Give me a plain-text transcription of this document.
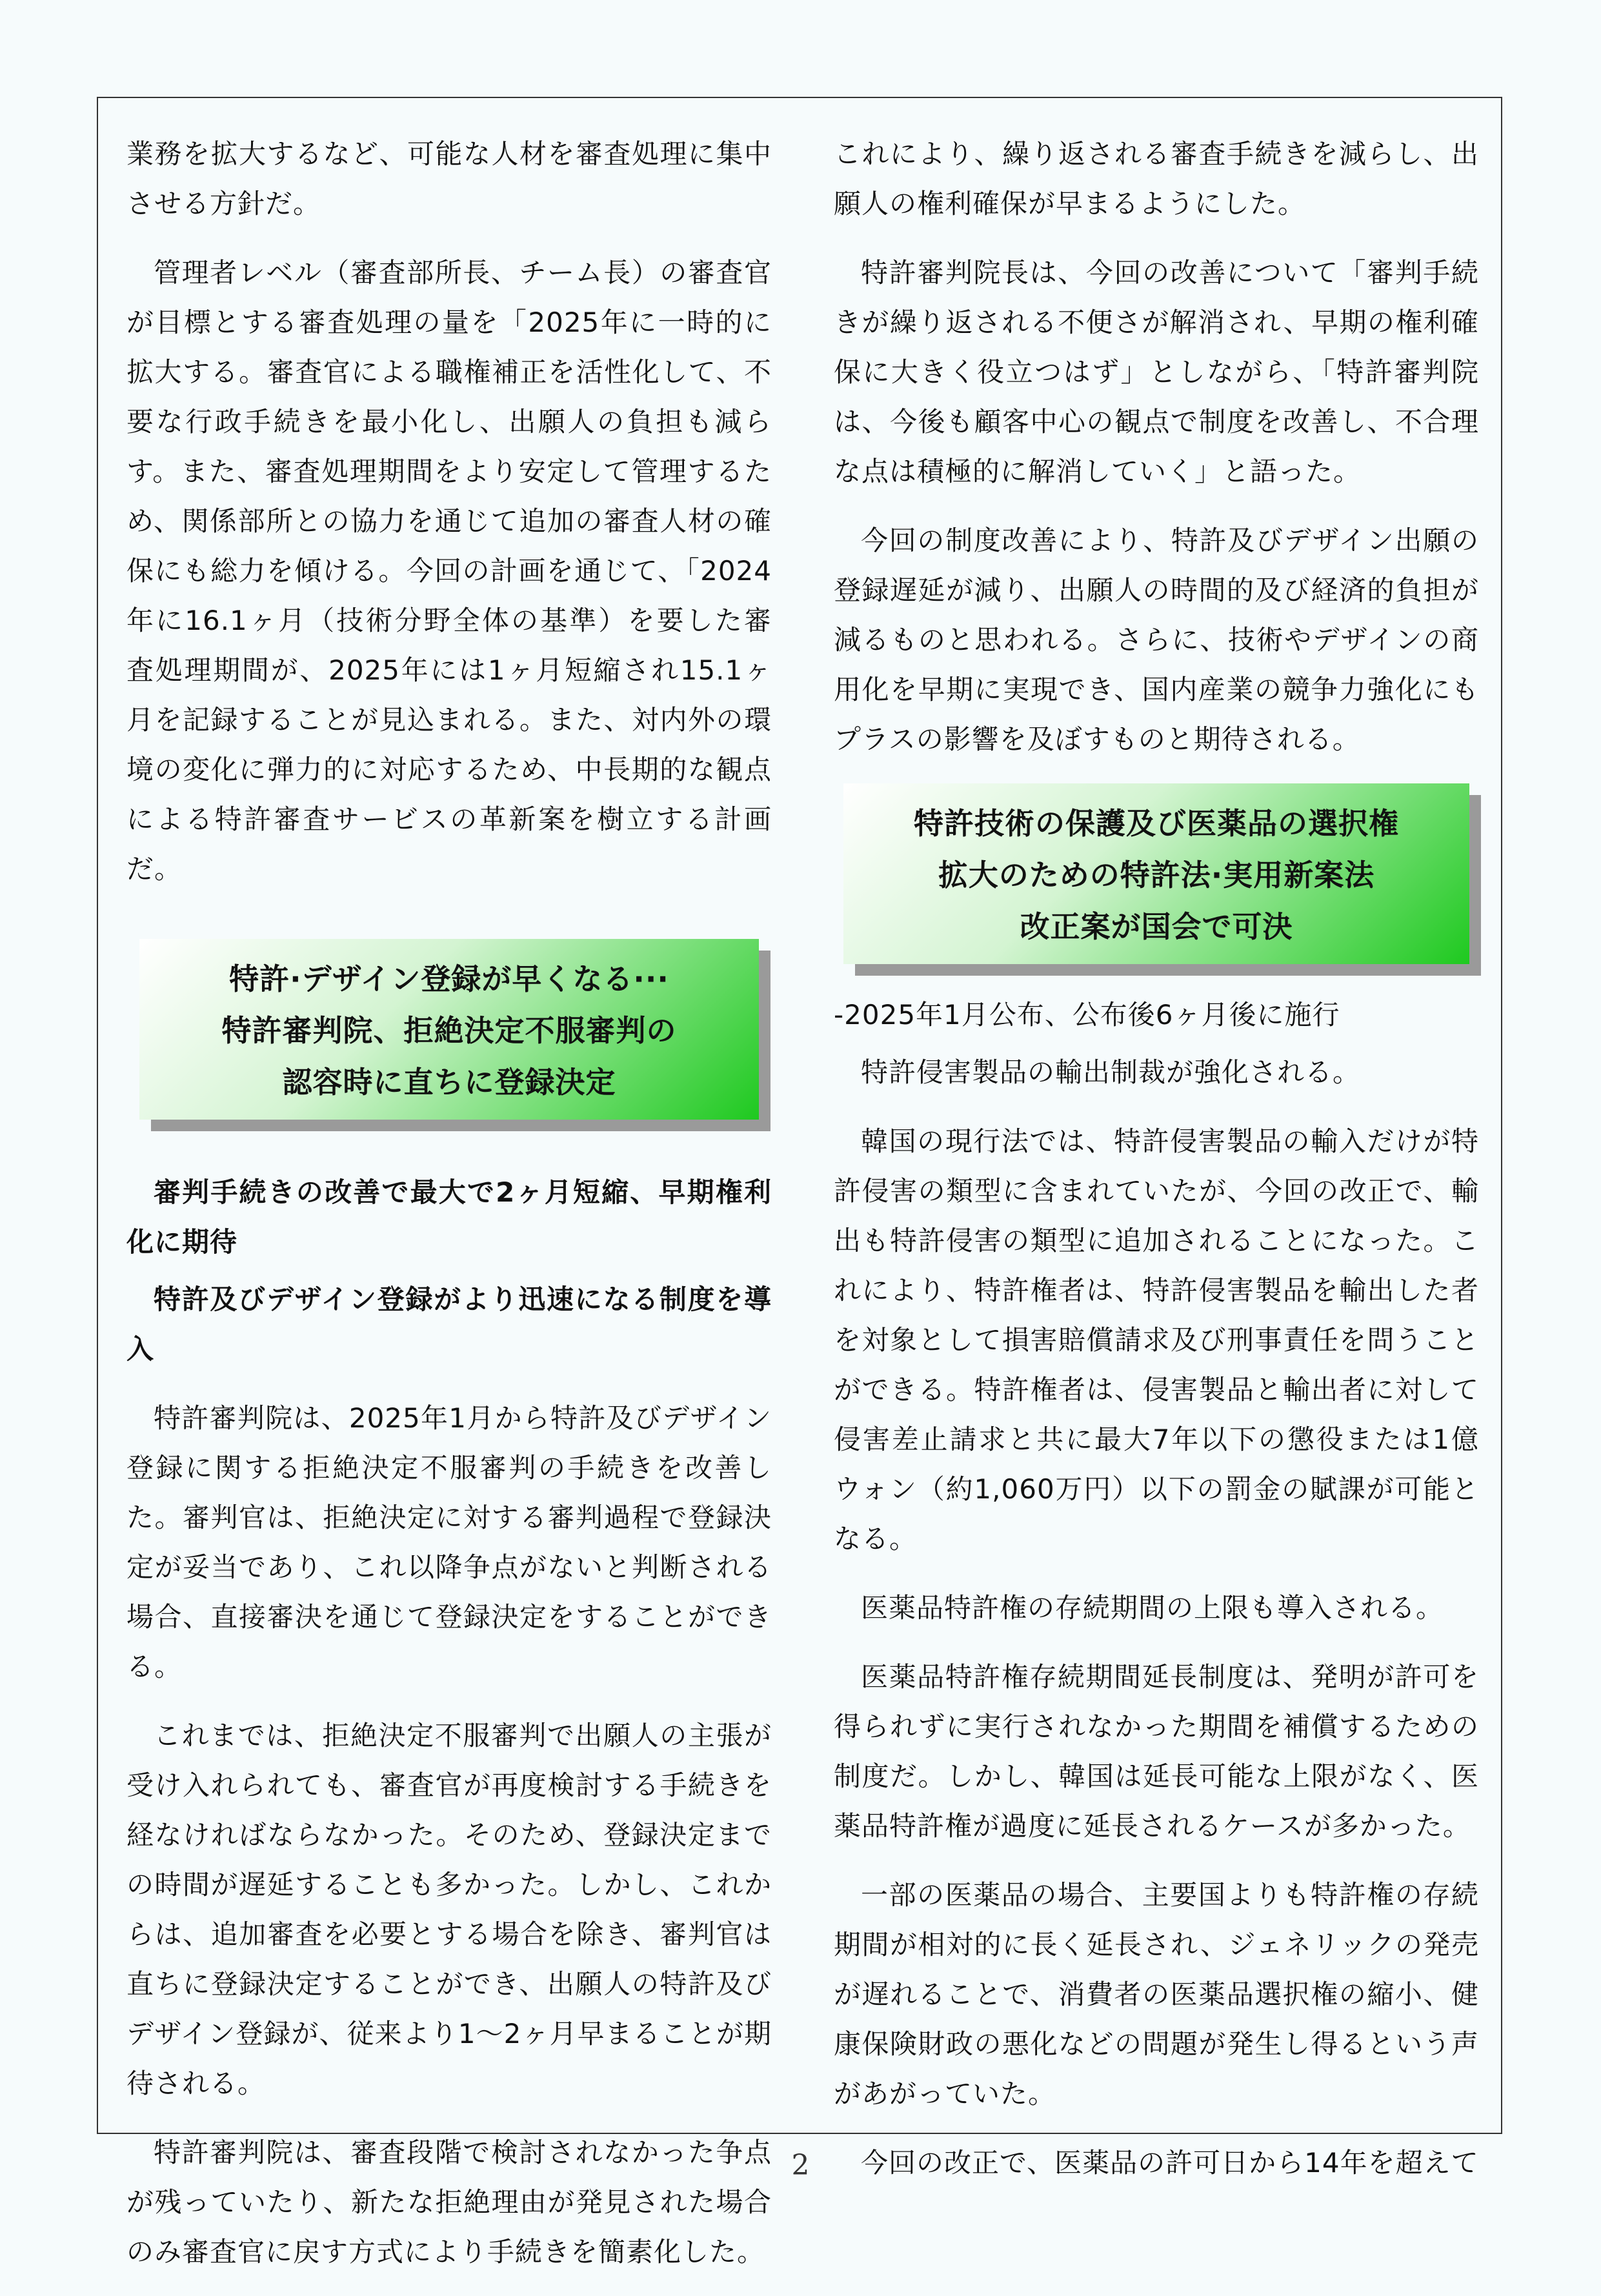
業務を拡大するなど、可能な人材を審査処理に集中させる方針だ。

管理者レベル（審査部所長、チーム長）の審査官が目標とする審査処理の量を「2025年に一時的に拡大する。審査官による職権補正を活性化して、不要な行政手続きを最小化し、出願人の負担も減らす。また、審査処理期間をより安定して管理するため、関係部所との協力を通じて追加の審査人材の確保にも総力を傾ける。今回の計画を通じて、「2024年に16.1ヶ月（技術分野全体の基準）を要した審査処理期間が、2025年には1ヶ月短縮され15.1ヶ月を記録することが見込まれる。また、対内外の環境の変化に弾力的に対応するため、中長期的な観点による特許審査サービスの革新案を樹立する計画だ。

特許·デザイン登録が早くなる···
特許審判院、拒絶決定不服審判の
認容時に直ちに登録決定

審判手続きの改善で最大で2ヶ月短縮、早期権利化に期待

特許及びデザイン登録がより迅速になる制度を導入

特許審判院は、2025年1月から特許及びデザイン登録に関する拒絶決定不服審判の手続きを改善した。審判官は、拒絶決定に対する審判過程で登録決定が妥当であり、これ以降争点がないと判断される場合、直接審決を通じて登録決定をすることができる。

これまでは、拒絶決定不服審判で出願人の主張が受け入れられても、審査官が再度検討する手続きを経なければならなかった。そのため、登録決定までの時間が遅延することも多かった。しかし、これからは、追加審査を必要とする場合を除き、審判官は直ちに登録決定することができ、出願人の特許及びデザイン登録が、従来より1〜2ヶ月早まることが期待される。

特許審判院は、審査段階で検討されなかった争点が残っていたり、新たな拒絶理由が発見された場合のみ審査官に戻す方式により手続きを簡素化した。

これにより、繰り返される審査手続きを減らし、出願人の権利確保が早まるようにした。

特許審判院長は、今回の改善について「審判手続きが繰り返される不便さが解消され、早期の権利確保に大きく役立つはず」としながら、「特許審判院は、今後も顧客中心の観点で制度を改善し、不合理な点は積極的に解消していく」と語った。

今回の制度改善により、特許及びデザイン出願の登録遅延が減り、出願人の時間的及び経済的負担が減るものと思われる。さらに、技術やデザインの商用化を早期に実現でき、国内産業の競争力強化にもプラスの影響を及ぼすものと期待される。

特許技術の保護及び医薬品の選択権
拡大のための特許法·実用新案法
改正案が国会で可決

-2025年1月公布、公布後6ヶ月後に施行

特許侵害製品の輸出制裁が強化される。

韓国の現行法では、特許侵害製品の輸入だけが特許侵害の類型に含まれていたが、今回の改正で、輸出も特許侵害の類型に追加されることになった。これにより、特許権者は、特許侵害製品を輸出した者を対象として損害賠償請求及び刑事責任を問うことができる。特許権者は、侵害製品と輸出者に対して侵害差止請求と共に最大7年以下の懲役または1億ウォン（約1,060万円）以下の罰金の賦課が可能となる。

医薬品特許権の存続期間の上限も導入される。

医薬品特許権存続期間延長制度は、発明が許可を得られずに実行されなかった期間を補償するための制度だ。しかし、韓国は延長可能な上限がなく、医薬品特許権が過度に延長されるケースが多かった。

一部の医薬品の場合、主要国よりも特許権の存続期間が相対的に長く延長され、ジェネリックの発売が遅れることで、消費者の医薬品選択権の縮小、健康保険財政の悪化などの問題が発生し得るという声があがっていた。

今回の改正で、医薬品の許可日から14年を超えて

2
